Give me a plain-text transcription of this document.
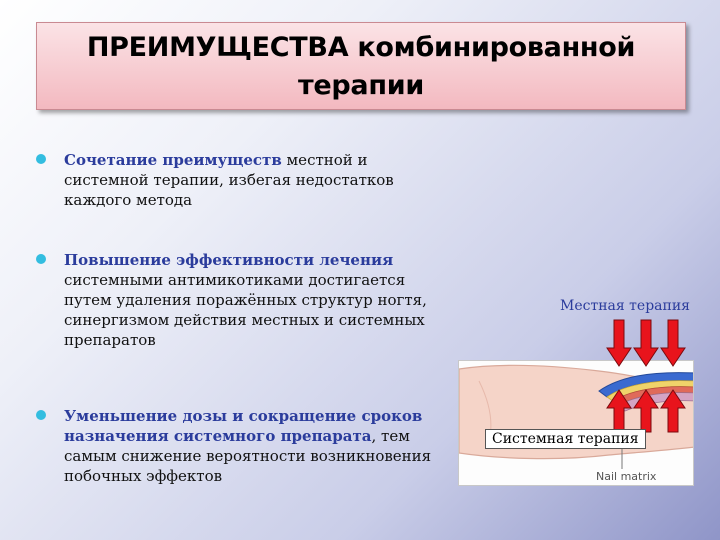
ПРЕИМУЩЕСТВА комбинированной
терапии
Сочетание преимуществ местной и системной терапии, избегая недостатков каждого метода
Повышение эффективности лечения системными антимикотиками достигается путем удаления поражённых структур ногтя, синергизмом действия местных и системных препаратов
Уменьшение дозы и сокращение сроков назначения системного препарата, тем самым снижение вероятности возникновения побочных эффектов
Местная терапия
Системная терапия
Nail matrix
